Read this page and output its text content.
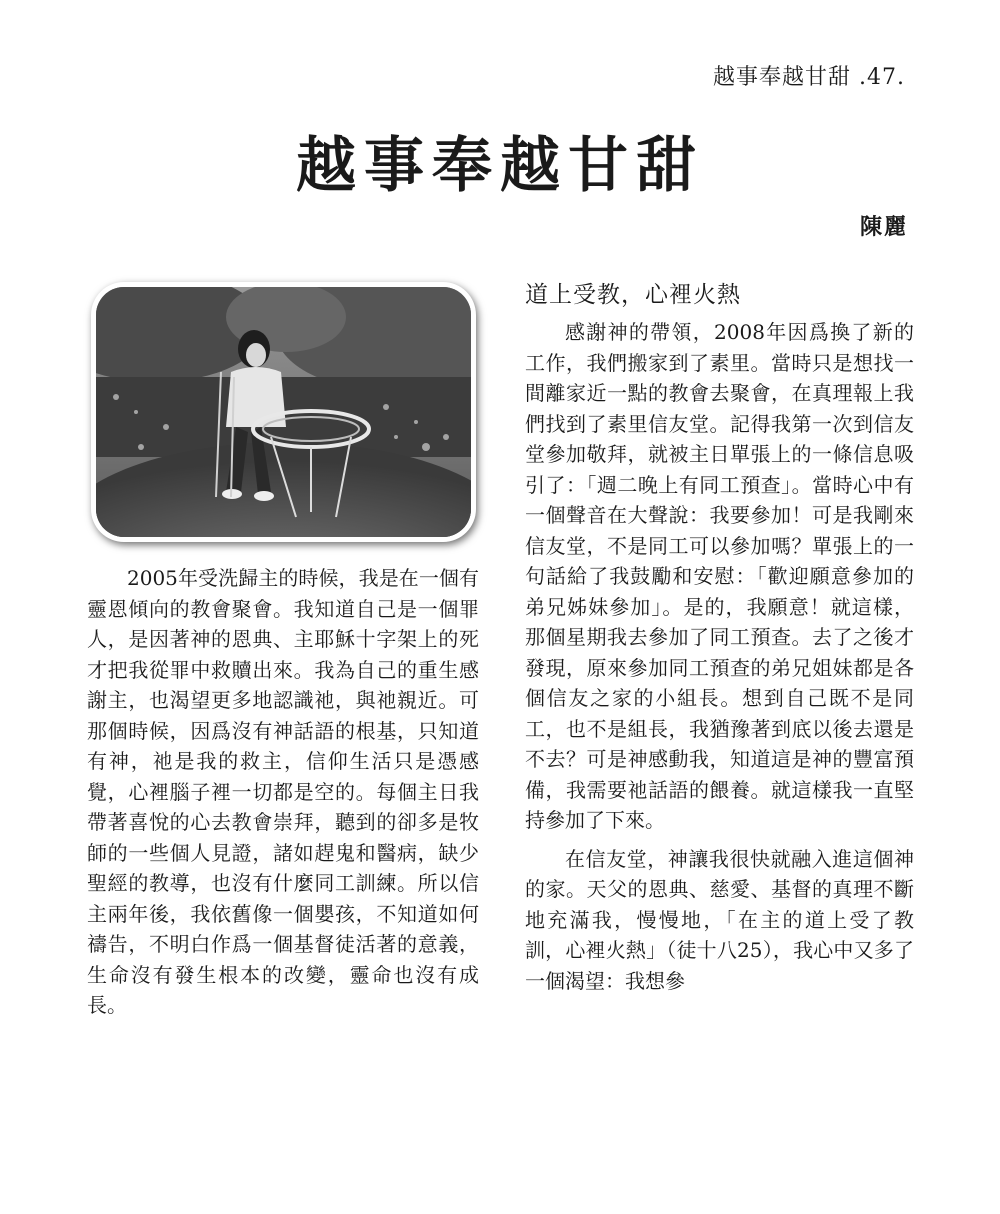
越事奉越甘甜 .47.
越事奉越甘甜
陳麗

2005年受洗歸主的時候，我是在一個有靈恩傾向的教會聚會。我知道自己是一個罪人，是因著神的恩典、主耶穌十字架上的死才把我從罪中救贖出來。我為自己的重生感謝主，也渴望更多地認識祂，與祂親近。可那個時候，因爲沒有神話語的根基，只知道有神，祂是我的救主，信仰生活只是憑感覺，心裡腦子裡一切都是空的。每個主日我帶著喜悅的心去教會崇拜，聽到的卻多是牧師的一些個人見證，諸如趕鬼和醫病，缺少聖經的教導，也沒有什麼同工訓練。所以信主兩年後，我依舊像一個嬰孩，不知道如何禱告，不明白作爲一個基督徒活著的意義，生命沒有發生根本的改變，靈命也沒有成長。

道上受教，心裡火熱

感謝神的帶領，2008年因爲換了新的工作，我們搬家到了素里。當時只是想找一間離家近一點的教會去聚會，在真理報上我們找到了素里信友堂。記得我第一次到信友堂參加敬拜，就被主日單張上的一條信息吸引了：「週二晚上有同工預查」。當時心中有一個聲音在大聲說：我要參加！可是我剛來信友堂，不是同工可以參加嗎？單張上的一句話給了我鼓勵和安慰：「歡迎願意參加的弟兄姊妹參加」。是的，我願意！就這樣，那個星期我去參加了同工預查。去了之後才發現，原來參加同工預查的弟兄姐妹都是各個信友之家的小組長。想到自己既不是同工，也不是組長，我猶豫著到底以後去還是不去？可是神感動我，知道這是神的豐富預備，我需要祂話語的餵養。就這樣我一直堅持參加了下來。

在信友堂，神讓我很快就融入進這個神的家。天父的恩典、慈愛、基督的真理不斷地充滿我，慢慢地，「在主的道上受了教訓，心裡火熱」（徒十八25），我心中又多了一個渴望：我想參
